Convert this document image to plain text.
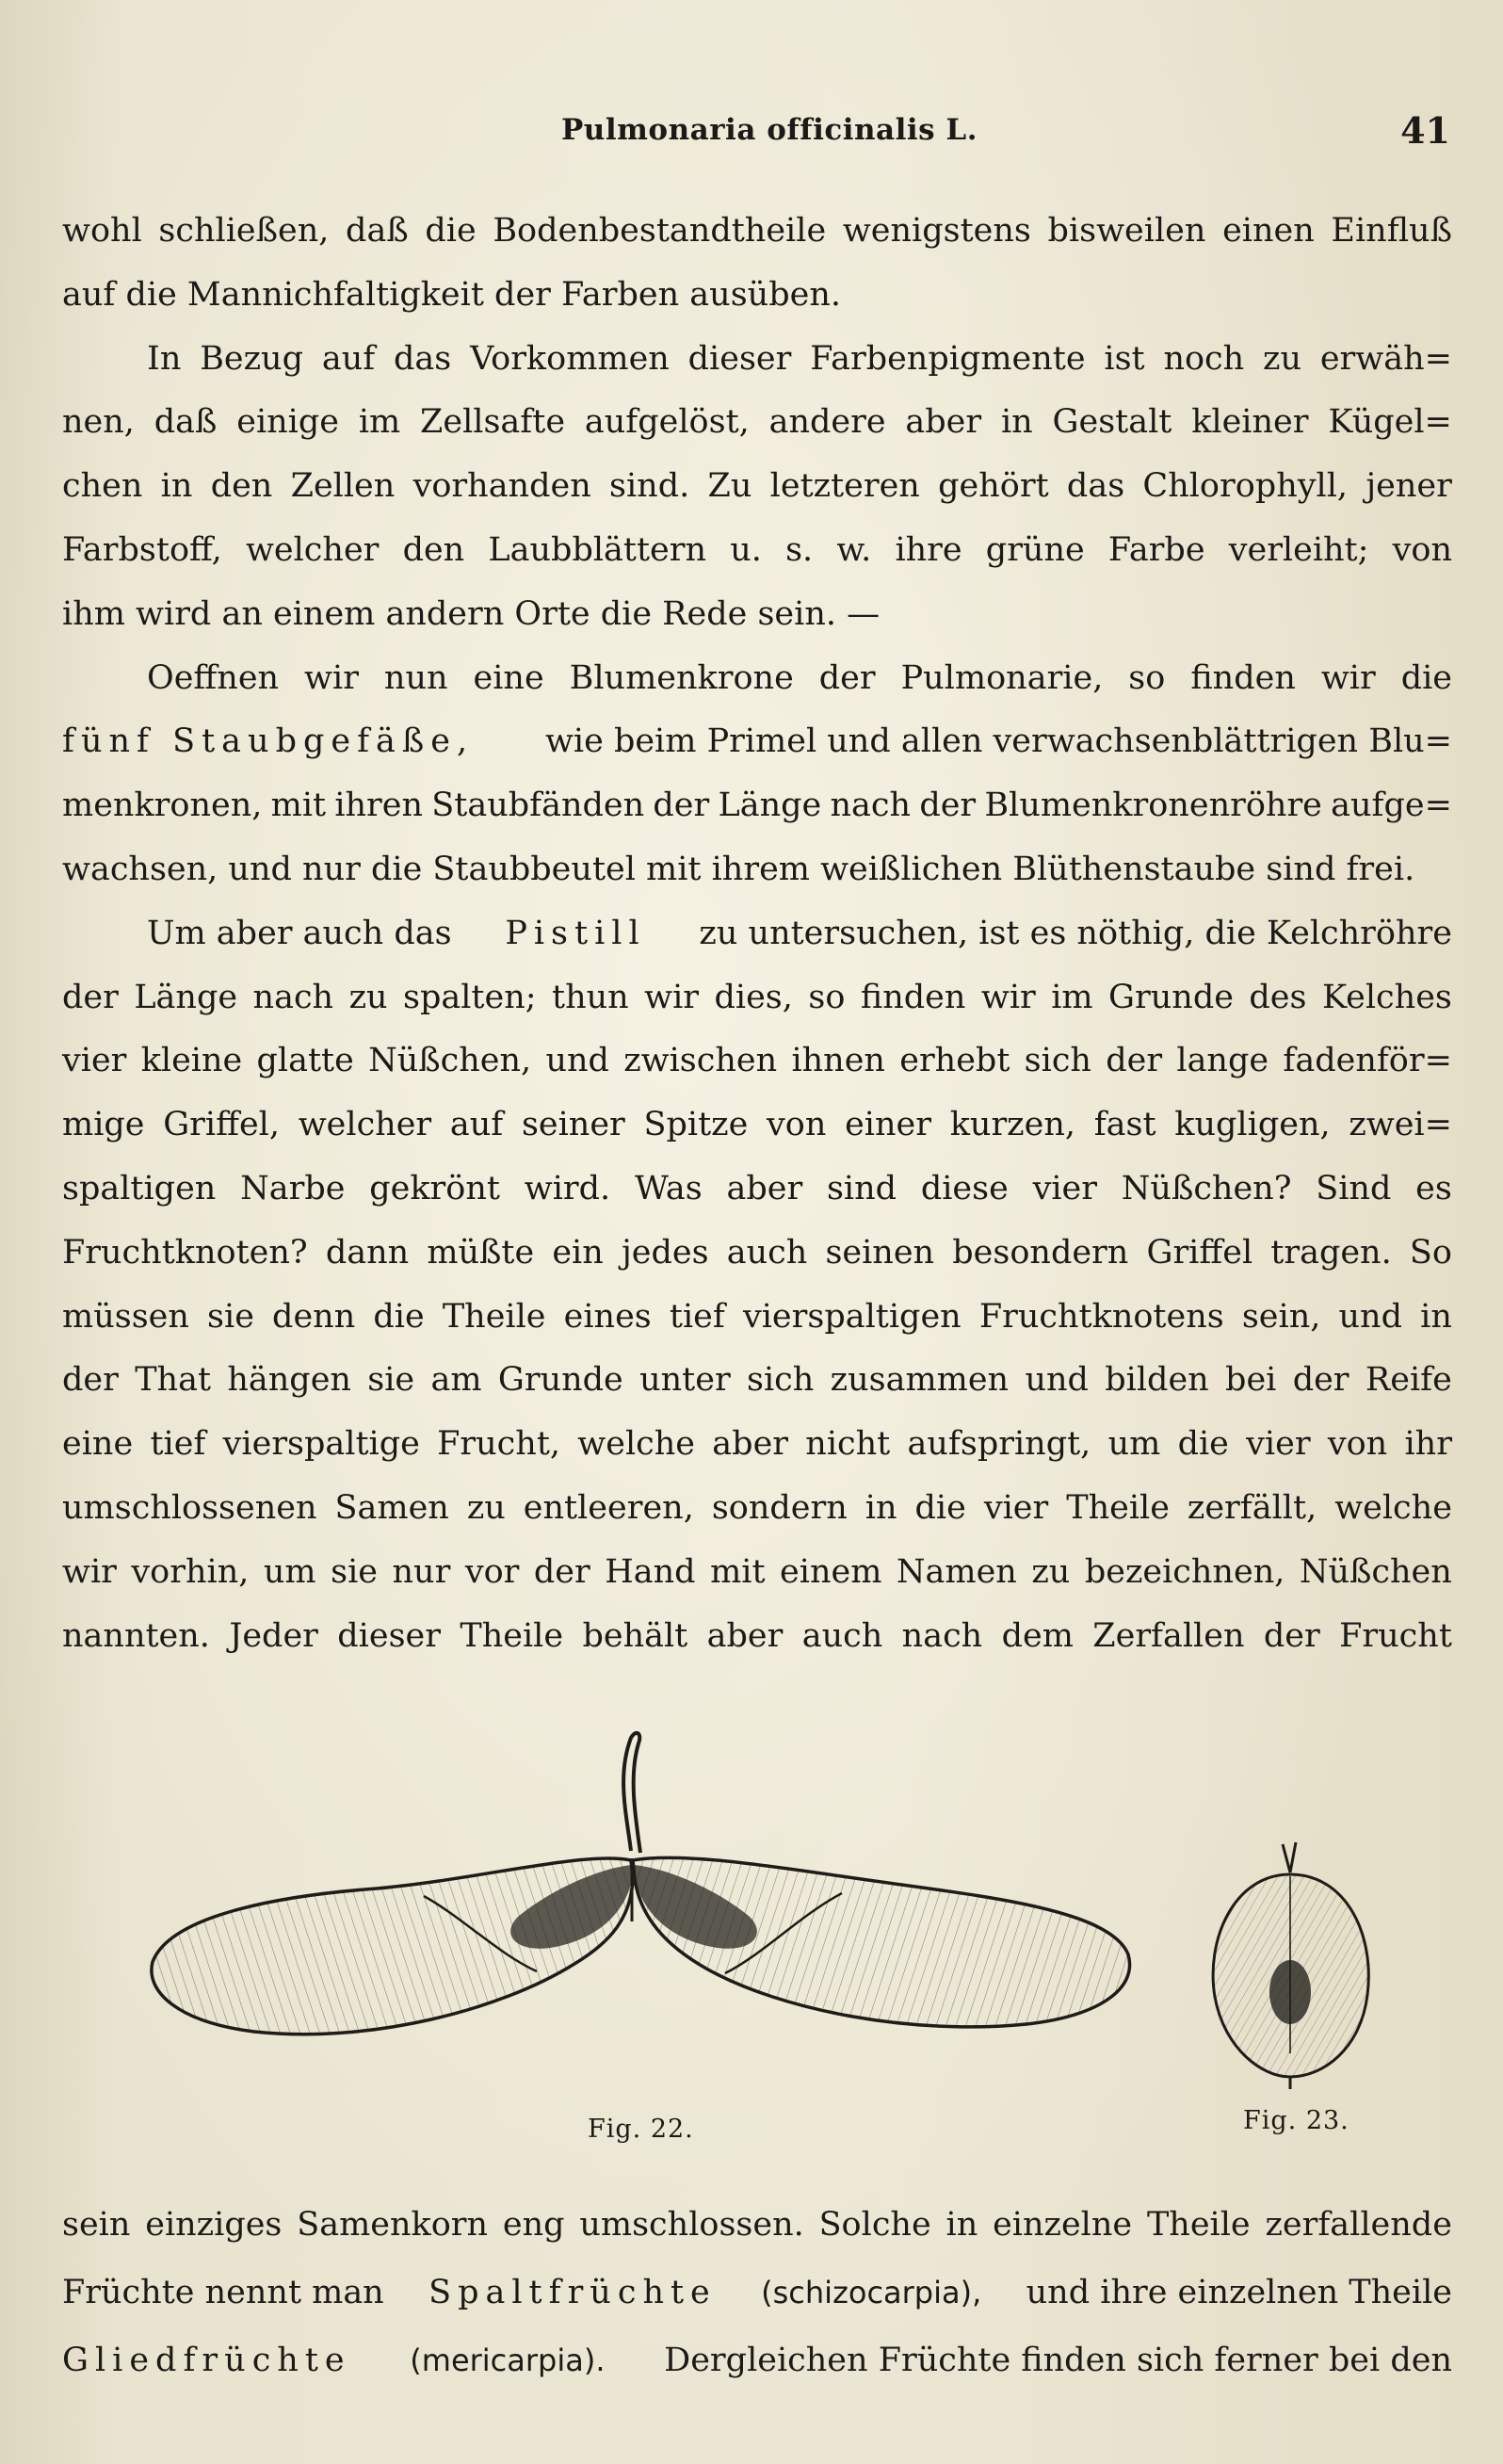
Pulmonaria officinalis L.	41
wohl schließen, daß die Bodenbestandtheile wenigstens bisweilen einen Einfluß
auf die Mannichfaltigkeit der Farben ausüben.
In Bezug auf das Vorkommen dieser Farbenpigmente ist noch zu erwäh=
nen, daß einige im Zellsafte aufgelöst, andere aber in Gestalt kleiner Kügel=
chen in den Zellen vorhanden sind. Zu letzteren gehört das Chlorophyll, jener
Farbstoff, welcher den Laubblättern u. s. w. ihre grüne Farbe verleiht; von
ihm wird an einem andern Orte die Rede sein. —
Oeffnen wir nun eine Blumenkrone der Pulmonarie, so finden wir die
fünf Staubgefäße, wie beim Primel und allen verwachsenblättrigen Blu=
menkronen, mit ihren Staubfänden der Länge nach der Blumenkronenröhre aufge=
wachsen, und nur die Staubbeutel mit ihrem weißlichen Blüthenstaube sind frei.
Um aber auch das Pistill zu untersuchen, ist es nöthig, die Kelchröhre
der Länge nach zu spalten; thun wir dies, so finden wir im Grunde des Kelches
vier kleine glatte Nüßchen, und zwischen ihnen erhebt sich der lange fadenför=
mige Griffel, welcher auf seiner Spitze von einer kurzen, fast kugligen, zwei=
spaltigen Narbe gekrönt wird. Was aber sind diese vier Nüßchen? Sind es
Fruchtknoten? dann müßte ein jedes auch seinen besondern Griffel tragen. So
müssen sie denn die Theile eines tief vierspaltigen Fruchtknotens sein, und in
der That hängen sie am Grunde unter sich zusammen und bilden bei der Reife
eine tief vierspaltige Frucht, welche aber nicht aufspringt, um die vier von ihr
umschlossenen Samen zu entleeren, sondern in die vier Theile zerfällt, welche
wir vorhin, um sie nur vor der Hand mit einem Namen zu bezeichnen, Nüßchen
nannten. Jeder dieser Theile behält aber auch nach dem Zerfallen der Frucht
Fig. 22.	Fig. 23.
sein einziges Samenkorn eng umschlossen. Solche in einzelne Theile zerfallende
Früchte nennt man Spaltfrüchte (schizocarpia), und ihre einzelnen Theile
Gliedfrüchte (mericarpia). Dergleichen Früchte finden sich ferner bei den
